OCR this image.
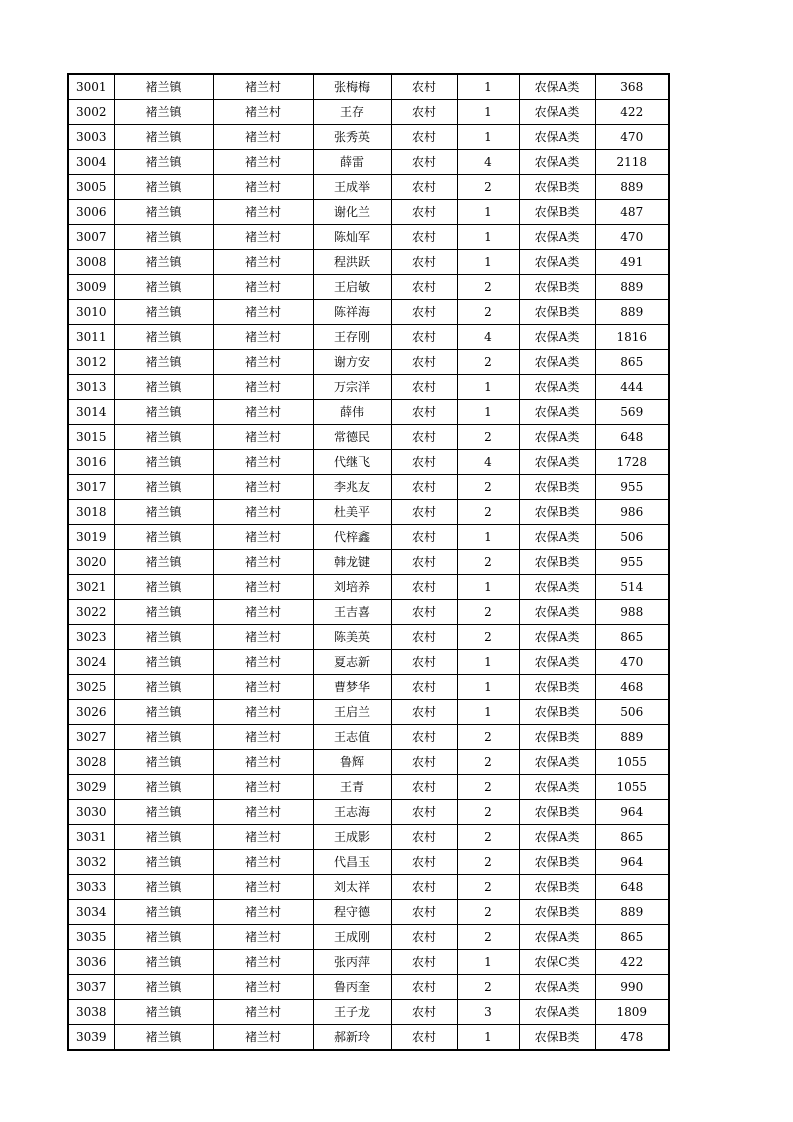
3001	褚兰镇	褚兰村	张梅梅	农村	1	农保A类	368
3002	褚兰镇	褚兰村	王存	农村	1	农保A类	422
3003	褚兰镇	褚兰村	张秀英	农村	1	农保A类	470
3004	褚兰镇	褚兰村	薛雷	农村	4	农保A类	2118
3005	褚兰镇	褚兰村	王成举	农村	2	农保B类	889
3006	褚兰镇	褚兰村	谢化兰	农村	1	农保B类	487
3007	褚兰镇	褚兰村	陈灿军	农村	1	农保A类	470
3008	褚兰镇	褚兰村	程洪跃	农村	1	农保A类	491
3009	褚兰镇	褚兰村	王启敏	农村	2	农保B类	889
3010	褚兰镇	褚兰村	陈祥海	农村	2	农保B类	889
3011	褚兰镇	褚兰村	王存刚	农村	4	农保A类	1816
3012	褚兰镇	褚兰村	谢方安	农村	2	农保A类	865
3013	褚兰镇	褚兰村	万宗洋	农村	1	农保A类	444
3014	褚兰镇	褚兰村	薛伟	农村	1	农保A类	569
3015	褚兰镇	褚兰村	常德民	农村	2	农保A类	648
3016	褚兰镇	褚兰村	代继飞	农村	4	农保A类	1728
3017	褚兰镇	褚兰村	李兆友	农村	2	农保B类	955
3018	褚兰镇	褚兰村	杜美平	农村	2	农保B类	986
3019	褚兰镇	褚兰村	代梓鑫	农村	1	农保A类	506
3020	褚兰镇	褚兰村	韩龙键	农村	2	农保B类	955
3021	褚兰镇	褚兰村	刘培养	农村	1	农保A类	514
3022	褚兰镇	褚兰村	王吉喜	农村	2	农保A类	988
3023	褚兰镇	褚兰村	陈美英	农村	2	农保A类	865
3024	褚兰镇	褚兰村	夏志新	农村	1	农保A类	470
3025	褚兰镇	褚兰村	曹梦华	农村	1	农保B类	468
3026	褚兰镇	褚兰村	王启兰	农村	1	农保B类	506
3027	褚兰镇	褚兰村	王志值	农村	2	农保B类	889
3028	褚兰镇	褚兰村	鲁辉	农村	2	农保A类	1055
3029	褚兰镇	褚兰村	王青	农村	2	农保A类	1055
3030	褚兰镇	褚兰村	王志海	农村	2	农保B类	964
3031	褚兰镇	褚兰村	王成影	农村	2	农保A类	865
3032	褚兰镇	褚兰村	代昌玉	农村	2	农保B类	964
3033	褚兰镇	褚兰村	刘太祥	农村	2	农保B类	648
3034	褚兰镇	褚兰村	程守德	农村	2	农保B类	889
3035	褚兰镇	褚兰村	王成刚	农村	2	农保A类	865
3036	褚兰镇	褚兰村	张丙萍	农村	1	农保C类	422
3037	褚兰镇	褚兰村	鲁丙奎	农村	2	农保A类	990
3038	褚兰镇	褚兰村	王子龙	农村	3	农保A类	1809
3039	褚兰镇	褚兰村	郝新玲	农村	1	农保B类	478
